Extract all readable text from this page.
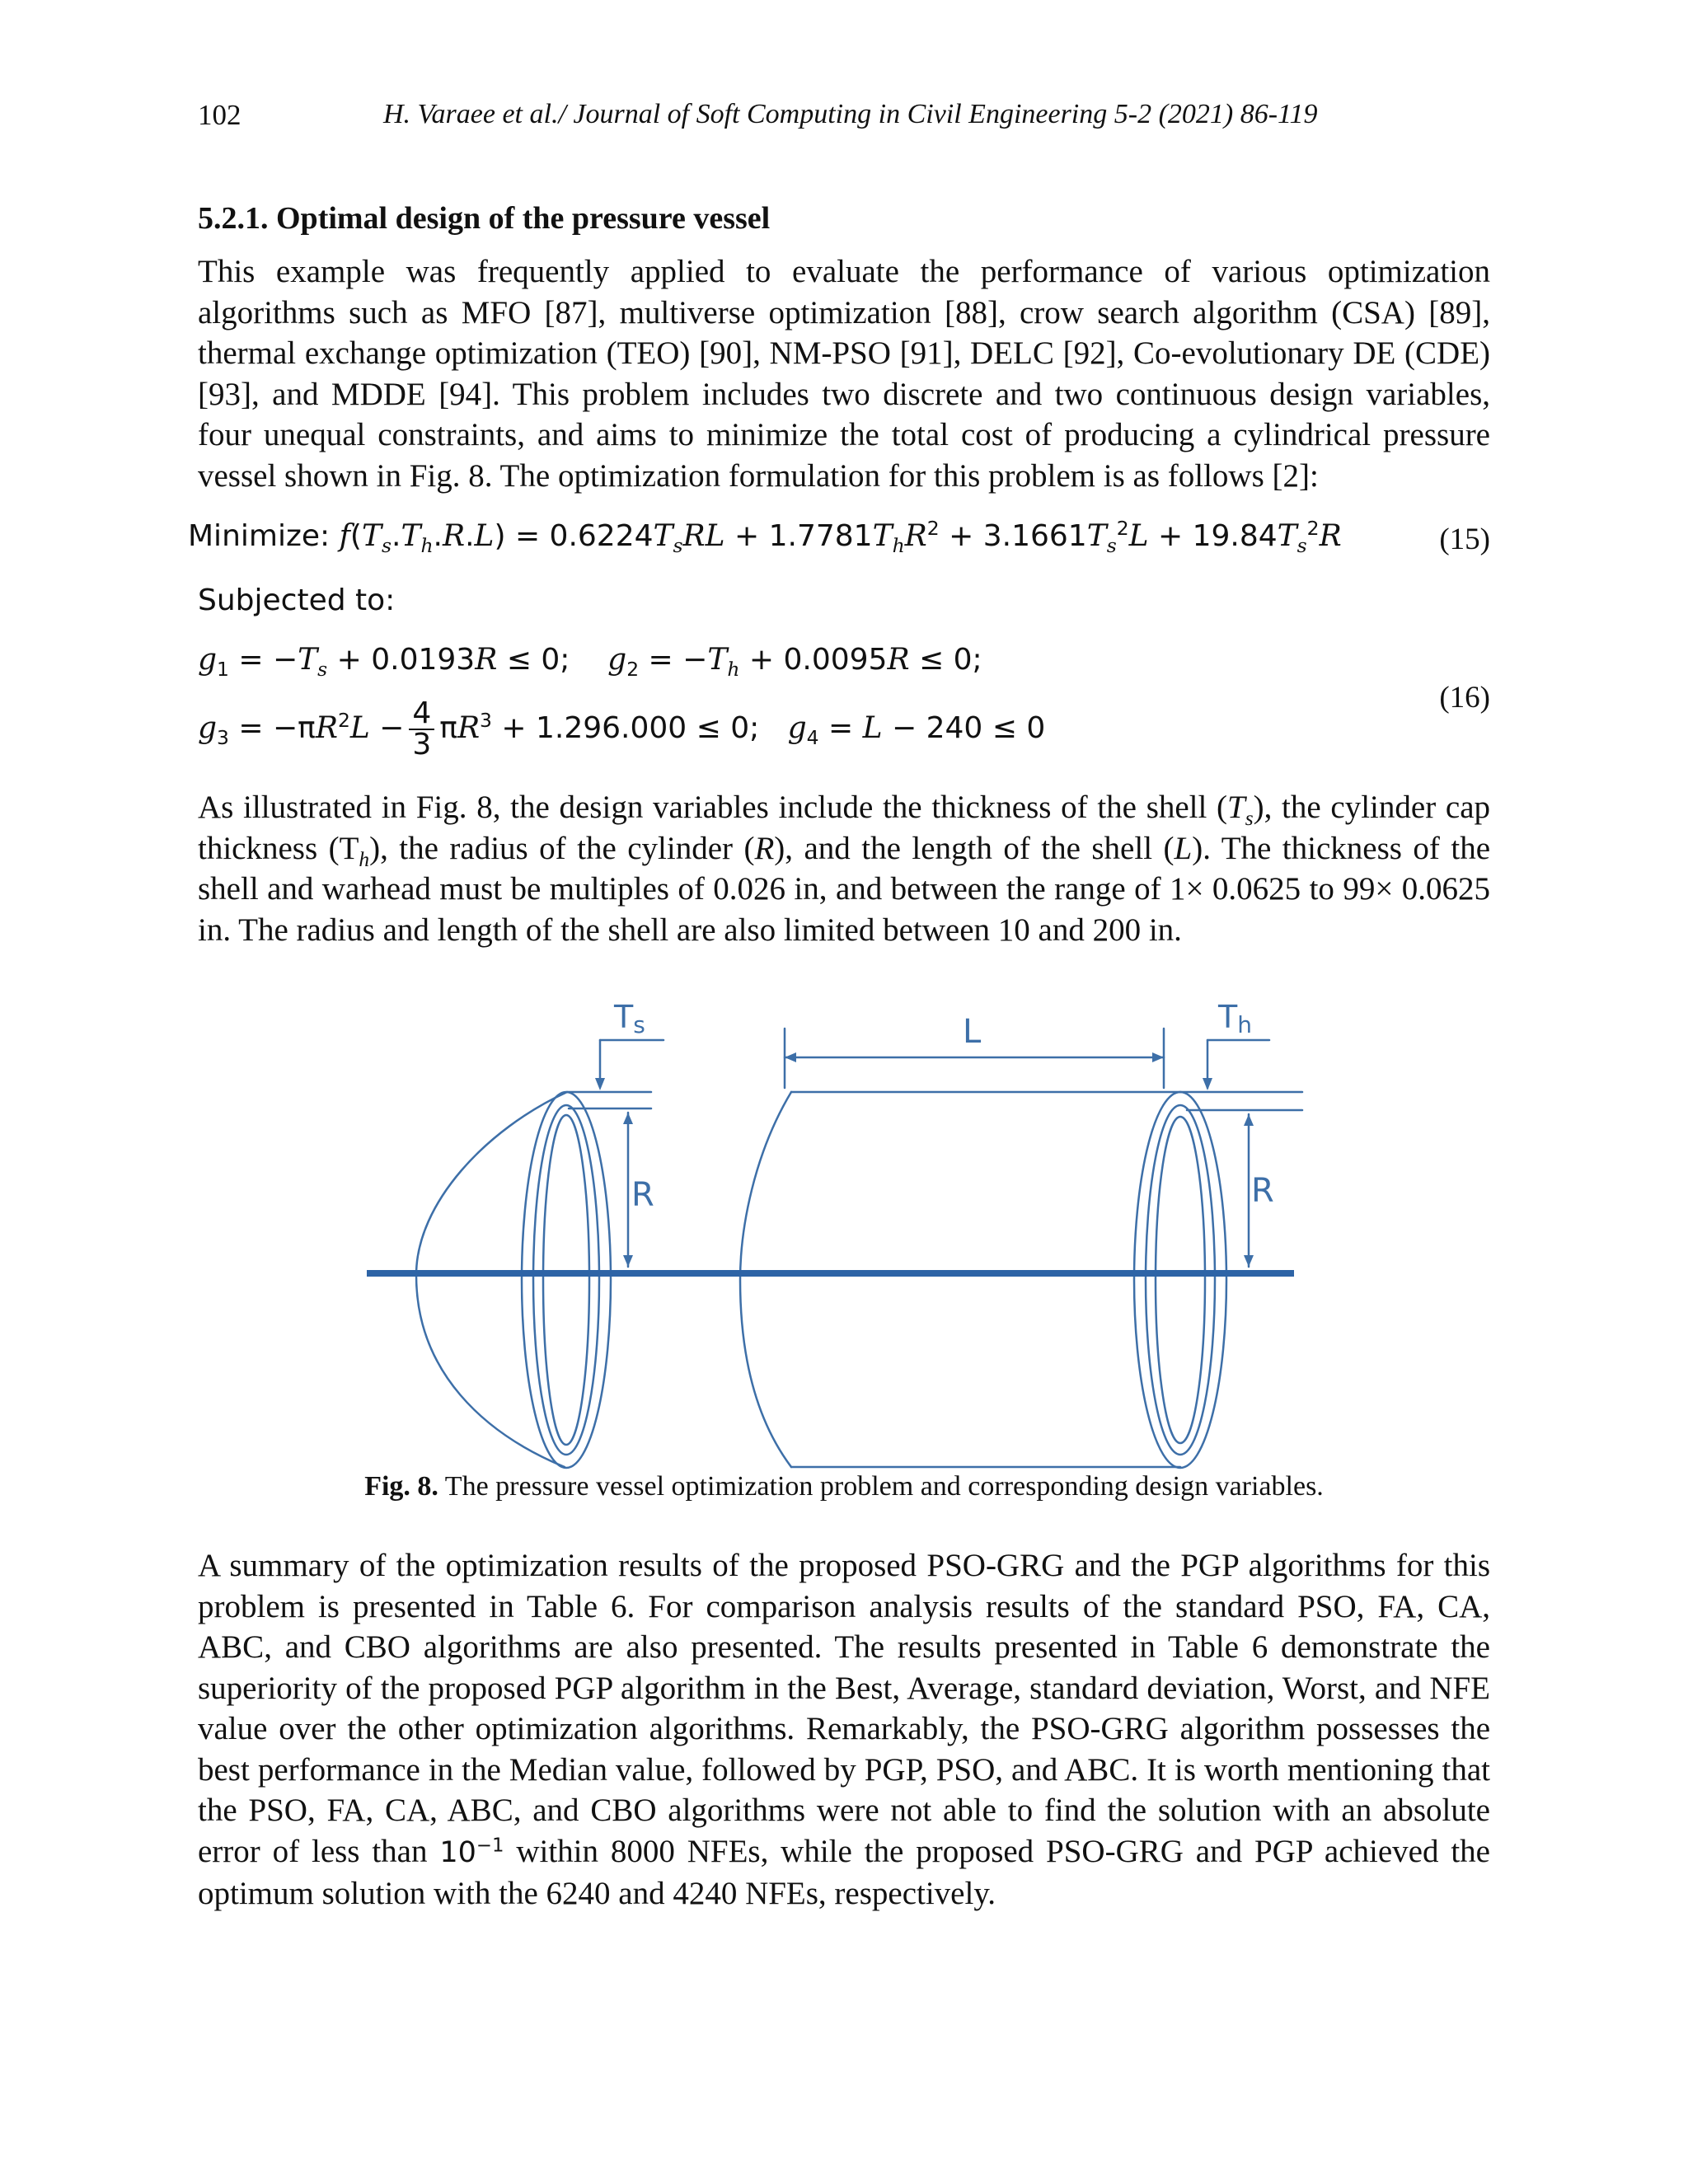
102	H. Varaee et al./ Journal of Soft Computing in Civil Engineering 5-2 (2021) 86-119
5.2.1. Optimal design of the pressure vessel

This example was frequently applied to evaluate the performance of various optimization algorithms such as MFO [87], multiverse optimization [88], crow search algorithm (CSA) [89], thermal exchange optimization (TEO) [90], NM-PSO [91], DELC [92], Co-evolutionary DE (CDE) [93], and MDDE [94]. This problem includes two discrete and two continuous design variables, four unequal constraints, and aims to minimize the total cost of producing a cylindrical pressure vessel shown in Fig. 8. The optimization formulation for this problem is as follows [2]:

Minimize: $f(T_s.T_h.R.L) = 0.6224T_sRL + 1.7781T_hR^2 + 3.1661T_s^2L + 19.84T_s^2R$	(15)
Subjected to:
$g_1 = -T_s + 0.0193R \le 0$;    $g_2 = -T_h + 0.0095R \le 0$;
(16)
$g_3 = -\pi R^2L - \frac{4}{3} \pi R^3 + 1.296.000 \le 0$;   $g_4 = L - 240 \le 0$

As illustrated in Fig. 8, the design variables include the thickness of the shell $(T_s)$, the cylinder cap thickness $(T_h)$, the radius of the cylinder (R), and the length of the shell (L). The thickness of the shell and warhead must be multiples of 0.026 in, and between the range of 1× 0.0625 to 99× 0.0625 in. The radius and length of the shell are also limited between 10 and 200 in.

Ts	Th
L
R	R
Fig. 8. The pressure vessel optimization problem and corresponding design variables.

A summary of the optimization results of the proposed PSO-GRG and the PGP algorithms for this problem is presented in Table 6. For comparison analysis results of the standard PSO, FA, CA, ABC, and CBO algorithms are also presented. The results presented in Table 6 demonstrate the superiority of the proposed PGP algorithm in the Best, Average, standard deviation, Worst, and NFE value over the other optimization algorithms. Remarkably, the PSO-GRG algorithm possesses the best performance in the Median value, followed by PGP, PSO, and ABC. It is worth mentioning that the PSO, FA, CA, ABC, and CBO algorithms were not able to find the solution with an absolute error of less than $10^{-1}$ within 8000 NFEs, while the proposed PSO-GRG and PGP achieved the optimum solution with the 6240 and 4240 NFEs, respectively.
